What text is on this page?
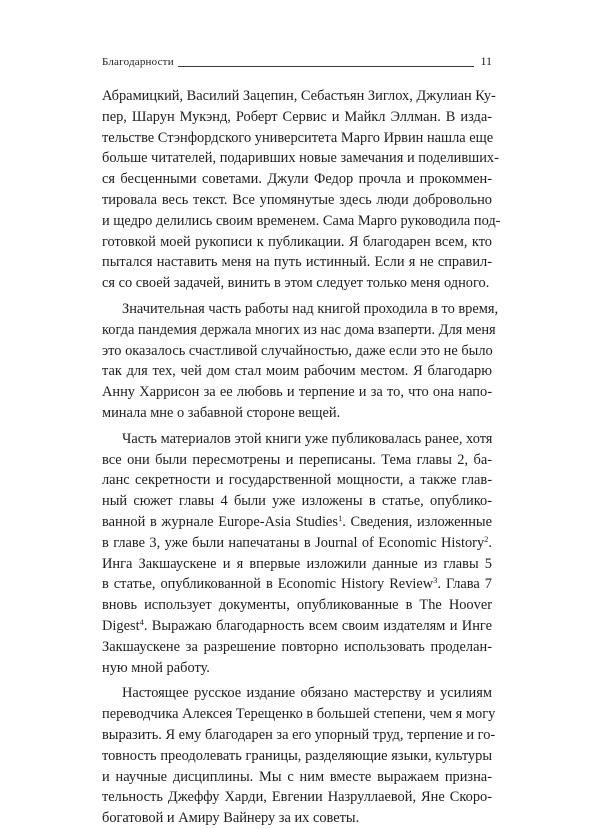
Благодарности	11

Абрамицкий, Василий Зацепин, Себастьян Зиглох, Джулиан Ку-
пер, Шарун Мукэнд, Роберт Сервис и Майкл Эллман. В изда-
тельстве Стэнфордского университета Марго Ирвин нашла еще
больше читателей, подаривших новые замечания и поделивших-
ся бесценными советами. Джули Федор прочла и прокоммен-
тировала весь текст. Все упомянутые здесь люди добровольно
и щедро делились своим временем. Сама Марго руководила под-
готовкой моей рукописи к публикации. Я благодарен всем, кто
пытался наставить меня на путь истинный. Если я не справил-
ся со своей задачей, винить в этом следует только меня одного.

Значительная часть работы над книгой проходила в то время,
когда пандемия держала многих из нас дома взаперти. Для меня
это оказалось счастливой случайностью, даже если это не было
так для тех, чей дом стал моим рабочим местом. Я благодарю
Анну Харрисон за ее любовь и терпение и за то, что она напо-
минала мне о забавной стороне вещей.

Часть материалов этой книги уже публиковалась ранее, хотя
все они были пересмотрены и переписаны. Тема главы 2, ба-
ланс секретности и государственной мощности, а также глав-
ный сюжет главы 4 были уже изложены в статье, опублико-
ванной в журнале Europe-Asia Studies$^1$. Сведения, изложенные
в главе 3, уже были напечатаны в Journal of Economic History$^2$.
Инга Закшаускене и я впервые изложили данные из главы 5
в статье, опубликованной в Economic History Review$^3$. Глава 7
вновь использует документы, опубликованные в The Hoover
Digest$^4$. Выражаю благодарность всем своим издателям и Инге
Закшаускене за разрешение повторно использовать проделан-
ную мной работу.

Настоящее русское издание обязано мастерству и усилиям
переводчика Алексея Терещенко в большей степени, чем я могу
выразить. Я ему благодарен за его упорный труд, терпение и го-
товность преодолевать границы, разделяющие языки, культуры
и научные дисциплины. Мы с ним вместе выражаем призна-
тельность Джеффу Харди, Евгении Назруллаевой, Яне Скоро-
богатовой и Амиру Вайнеру за их советы.
